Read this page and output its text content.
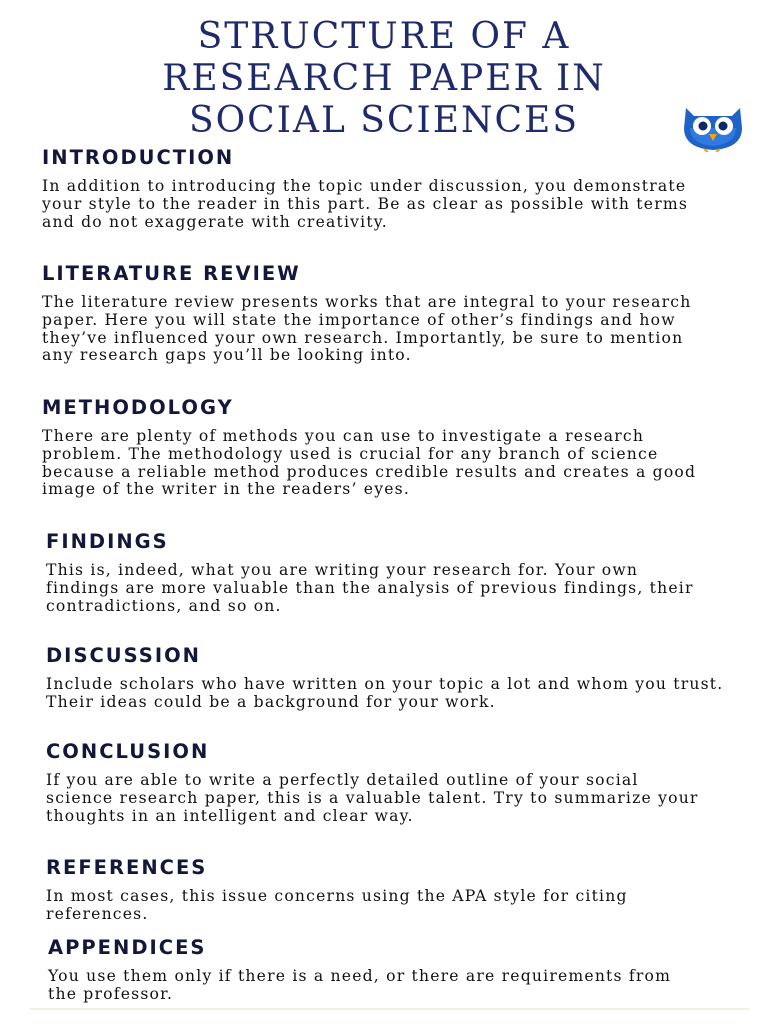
STRUCTURE OF A
RESEARCH PAPER IN
SOCIAL SCIENCES
INTRODUCTION

In addition to introducing the topic under discussion, you demonstrate your style to the reader in this part. Be as clear as possible with terms and do not exaggerate with creativity.

LITERATURE REVIEW

The literature review presents works that are integral to your research paper. Here you will state the importance of other’s findings and how they’ve influenced your own research. Importantly, be sure to mention any research gaps you’ll be looking into.

METHODOLOGY

There are plenty of methods you can use to investigate a research problem. The methodology used is crucial for any branch of science because a reliable method produces credible results and creates a good image of the writer in the readers’ eyes.

FINDINGS

This is, indeed, what you are writing your research for. Your own findings are more valuable than the analysis of previous findings, their contradictions, and so on.

DISCUSSION

Include scholars who have written on your topic a lot and whom you trust. Their ideas could be a background for your work.

CONCLUSION

If you are able to write a perfectly detailed outline of your social science research paper, this is a valuable talent. Try to summarize your thoughts in an intelligent and clear way.

REFERENCES

In most cases, this issue concerns using the APA style for citing references.

APPENDICES

You use them only if there is a need, or there are requirements from the professor.
